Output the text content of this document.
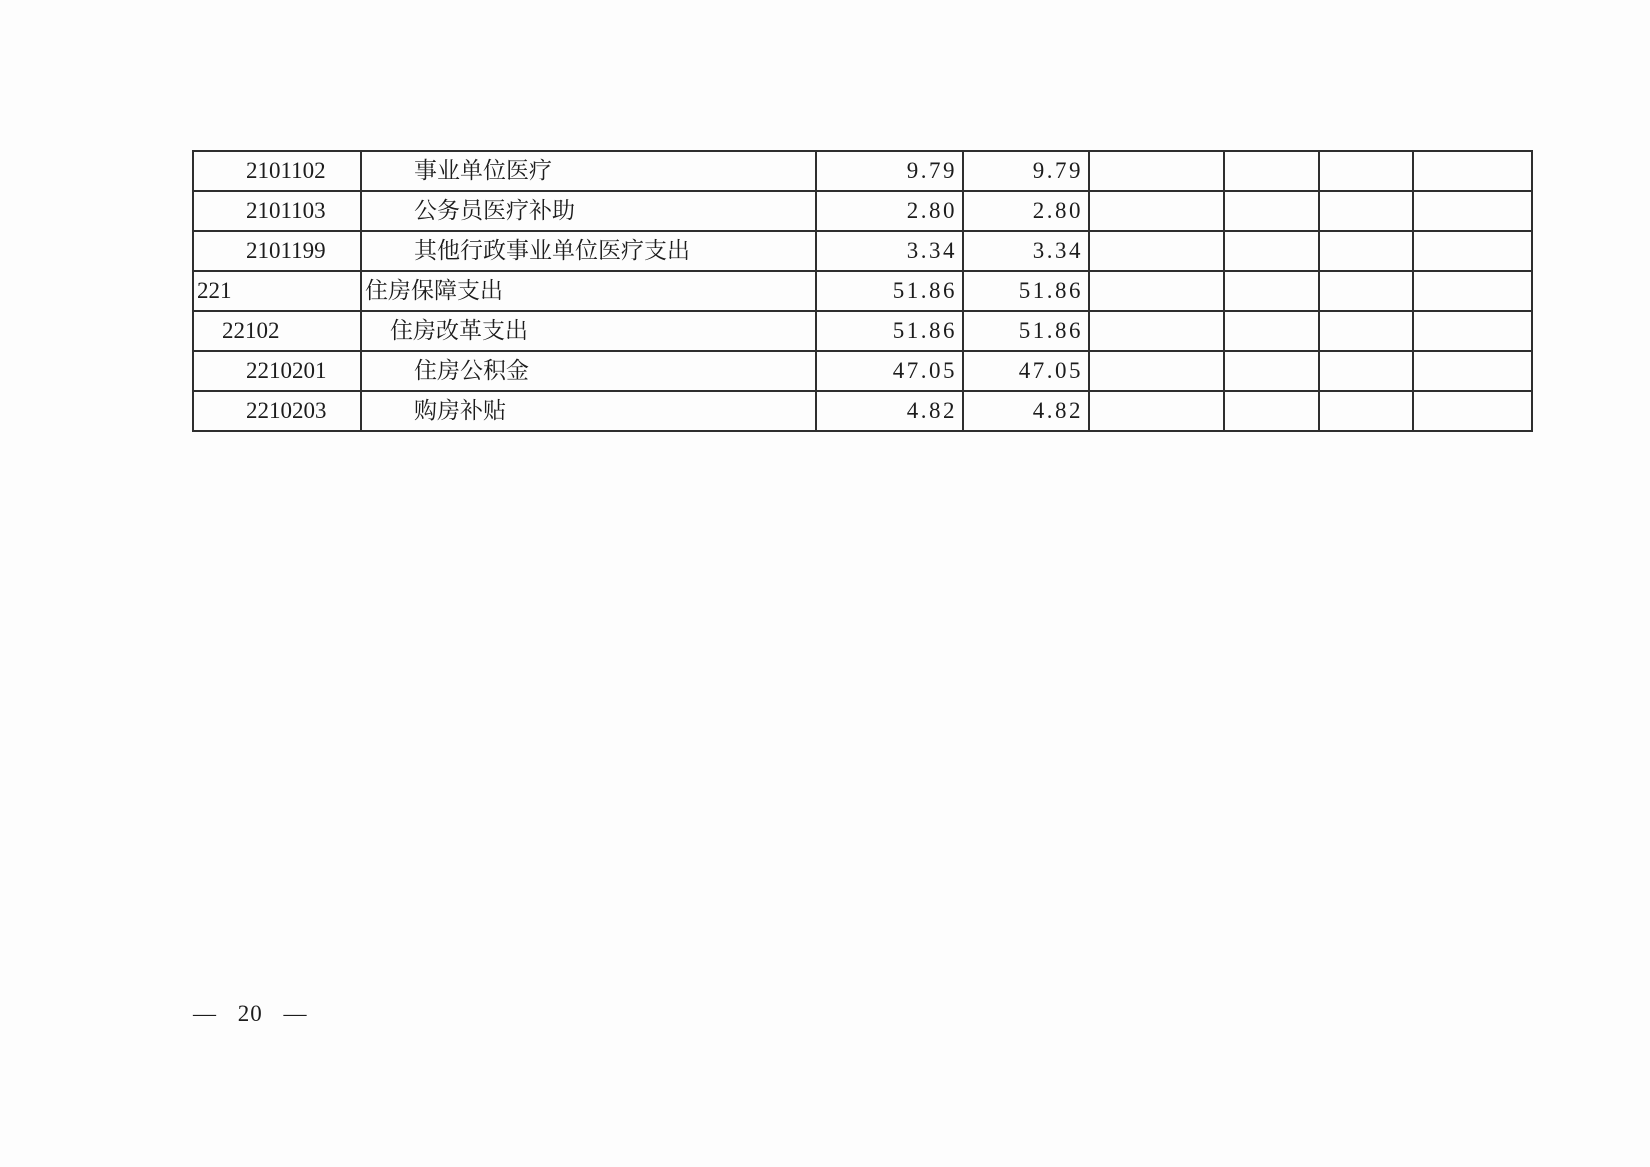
2101102	事业单位医疗	9.79	9.79				
2101103	公务员医疗补助	2.80	2.80				
2101199	其他行政事业单位医疗支出	3.34	3.34				
221	住房保障支出	51.86	51.86				
22102	住房改革支出	51.86	51.86				
2210201	住房公积金	47.05	47.05				
2210203	购房补贴	4.82	4.82				
— 20 —
